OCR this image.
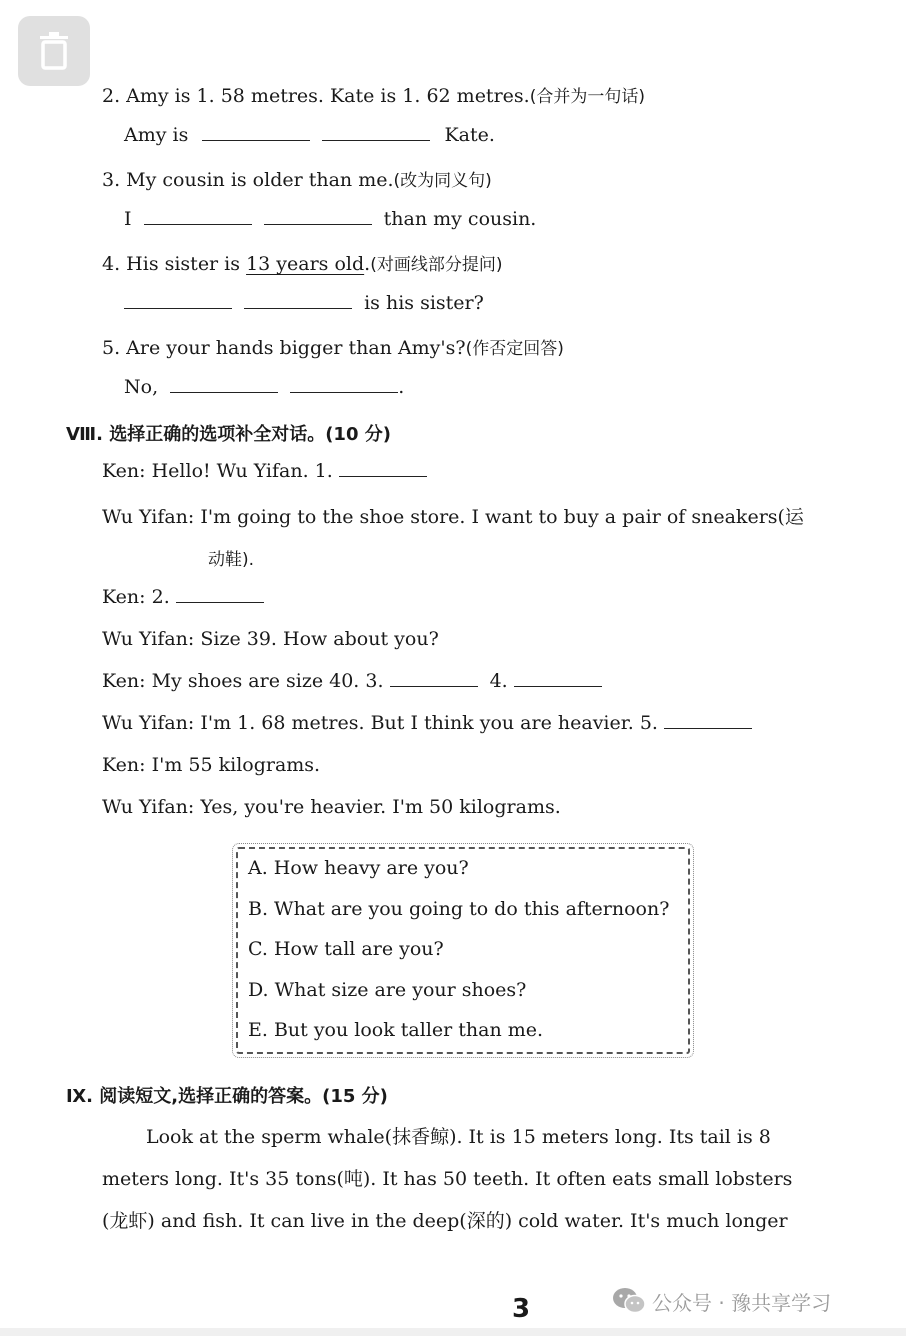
2. Amy is 1. 58 metres. Kate is 1. 62 metres.(合并为一句话)
Amy is	Kate.
3. My cousin is older than me.(改为同义句)
I	than my cousin.
4. His sister is 13 years old.(对画线部分提问)
is his sister?
5. Are your hands bigger than Amy's?(作否定回答)
No,	.
Ⅷ. 选择正确的选项补全对话。(10 分)
Ken: Hello! Wu Yifan. 1.
Wu Yifan: I'm going to the shoe store. I want to buy a pair of sneakers(运
动鞋).
Ken: 2.
Wu Yifan: Size 39. How about you?
Ken: My shoes are size 40. 3.	4.
Wu Yifan: I'm 1. 68 metres. But I think you are heavier. 5.
Ken: I'm 55 kilograms.
Wu Yifan: Yes, you're heavier. I'm 50 kilograms.
A. How heavy are you?
B. What are you going to do this afternoon?
C. How tall are you?
D. What size are your shoes?
E. But you look taller than me.
Ⅸ. 阅读短文,选择正确的答案。(15 分)
Look at the sperm whale(抹香鲸). It is 15 meters long. Its tail is 8
meters long. It's 35 tons(吨). It has 50 teeth. It often eats small lobsters
(龙虾) and fish. It can live in the deep(深的) cold water. It's much longer
3	公众号 · 豫共享学习
